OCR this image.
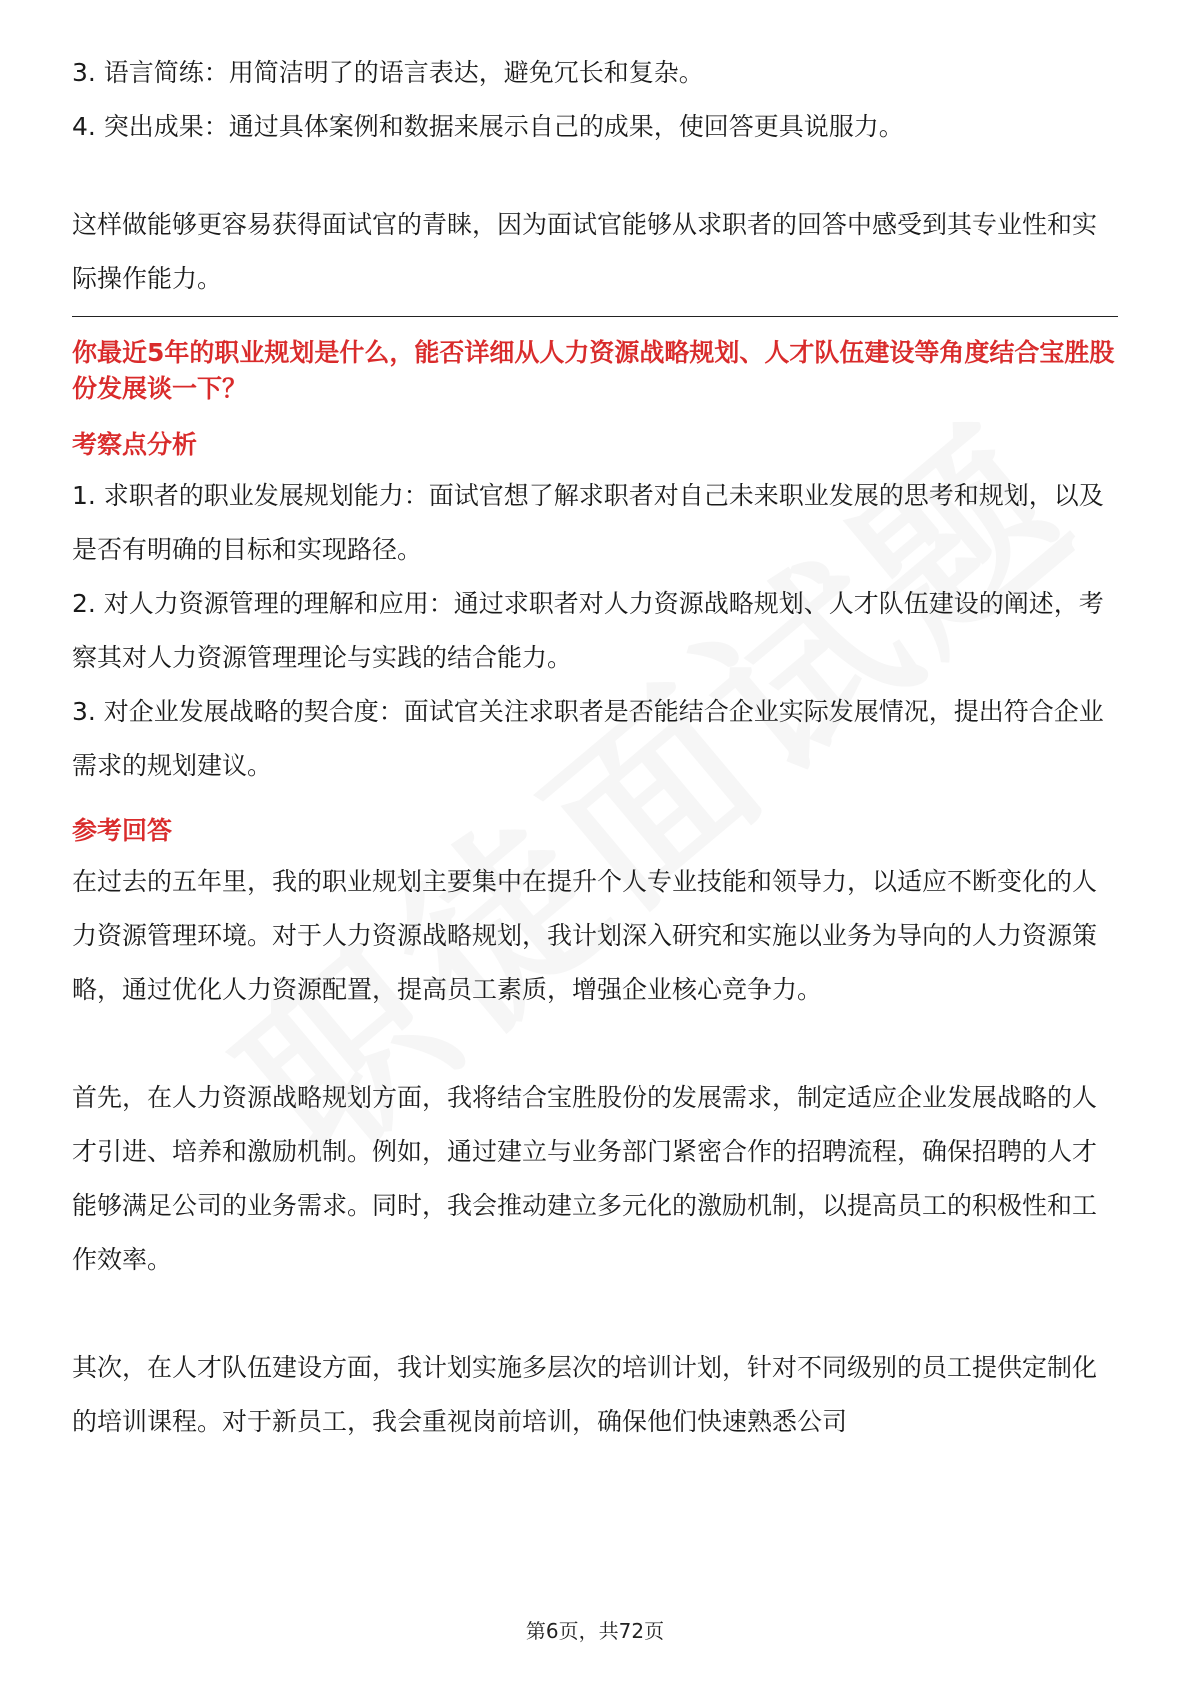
3. 语言简练：用简洁明了的语言表达，避免冗长和复杂。

4. 突出成果：通过具体案例和数据来展示自己的成果，使回答更具说服力。

这样做能够更容易获得面试官的青睐，因为面试官能够从求职者的回答中感受到其专业性和实际操作能力。

你最近5年的职业规划是什么，能否详细从人力资源战略规划、人才队伍建设等角度结合宝胜股份发展谈一下？

考察点分析

1. 求职者的职业发展规划能力：面试官想了解求职者对自己未来职业发展的思考和规划，以及是否有明确的目标和实现路径。

2. 对人力资源管理的理解和应用：通过求职者对人力资源战略规划、人才队伍建设的阐述，考察其对人力资源管理理论与实践的结合能力。

3. 对企业发展战略的契合度：面试官关注求职者是否能结合企业实际发展情况，提出符合企业需求的规划建议。

参考回答

在过去的五年里，我的职业规划主要集中在提升个人专业技能和领导力，以适应不断变化的人力资源管理环境。对于人力资源战略规划，我计划深入研究和实施以业务为导向的人力资源策略，通过优化人力资源配置，提高员工素质，增强企业核心竞争力。

首先，在人力资源战略规划方面，我将结合宝胜股份的发展需求，制定适应企业发展战略的人才引进、培养和激励机制。例如，通过建立与业务部门紧密合作的招聘流程，确保招聘的人才能够满足公司的业务需求。同时，我会推动建立多元化的激励机制，以提高员工的积极性和工作效率。

其次，在人才队伍建设方面，我计划实施多层次的培训计划，针对不同级别的员工提供定制化的培训课程。对于新员工，我会重视岗前培训，确保他们快速熟悉公司

第6页，共72页
